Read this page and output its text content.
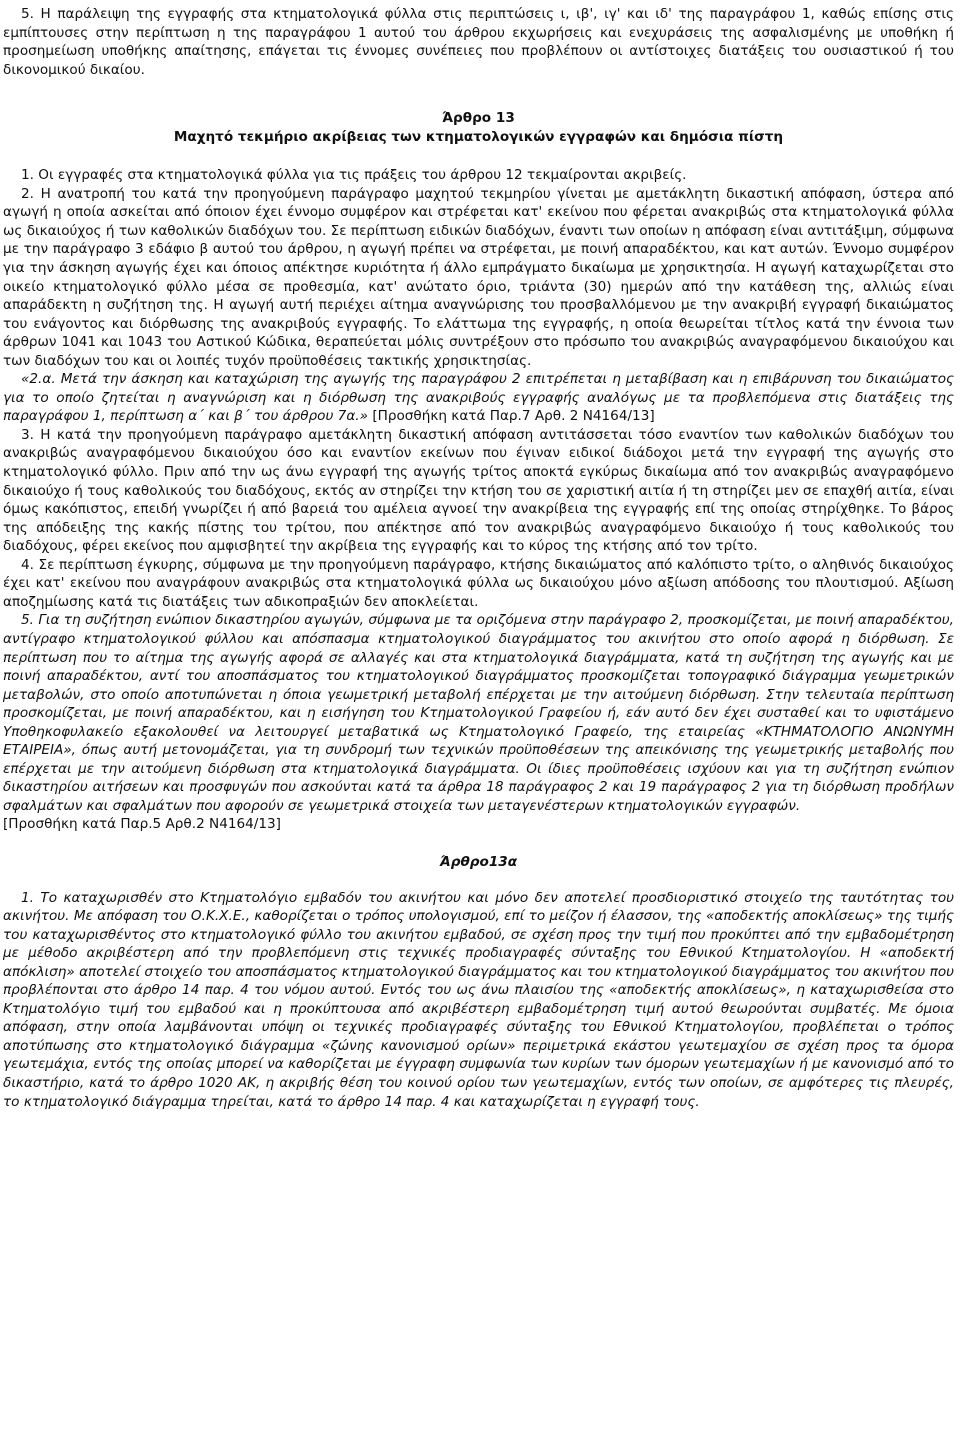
5. Η παράλειψη της εγγραφής στα κτηματολογικά φύλλα στις περιπτώσεις ι, ιβ', ιγ' και ιδ' της παραγράφου 1, καθώς επίσης στις εμπίπτουσες στην περίπτωση η της παραγράφου 1 αυτού του άρθρου εκχωρήσεις και ενεχυράσεις της ασφαλισμένης με υποθήκη ή προσημείωση υποθήκης απαίτησης, επάγεται τις έννομες συνέπειες που προβλέπουν οι αντίστοιχες διατάξεις του ουσιαστικού ή του δικονομικού δικαίου.

Άρθρο 13

Μαχητό τεκμήριο ακρίβειας των κτηματολογικών εγγραφών και δημόσια πίστη

1. Οι εγγραφές στα κτηματολογικά φύλλα για τις πράξεις του άρθρου 12 τεκμαίρονται ακριβείς.

2. Η ανατροπή του κατά την προηγούμενη παράγραφο μαχητού τεκμηρίου γίνεται με αμετάκλητη δικαστική απόφαση, ύστερα από αγωγή η οποία ασκείται από όποιον έχει έννομο συμφέρον και στρέφεται κατ' εκείνου που φέρεται ανακριβώς στα κτηματολογικά φύλλα ως δικαιούχος ή των καθολικών διαδόχων του. Σε περίπτωση ειδικών διαδόχων, έναντι των οποίων η απόφαση είναι αντιτάξιμη, σύμφωνα με την παράγραφο 3 εδάφιο β αυτού του άρθρου, η αγωγή πρέπει να στρέφεται, με ποινή απαραδέκτου, και κατ αυτών. Έννομο συμφέρον για την άσκηση αγωγής έχει και όποιος απέκτησε κυριότητα ή άλλο εμπράγματο δικαίωμα με χρησικτησία. Η αγωγή καταχωρίζεται στο οικείο κτηματολογικό φύλλο μέσα σε προθεσμία, κατ' ανώτατο όριο, τριάντα (30) ημερών από την κατάθεση της, αλλιώς είναι απαράδεκτη η συζήτηση της. Η αγωγή αυτή περιέχει αίτημα αναγνώρισης του προσβαλλόμενου με την ανακριβή εγγραφή δικαιώματος του ενάγοντος και διόρθωσης της ανακριβούς εγγραφής. Το ελάττωμα της εγγραφής, η οποία θεωρείται τίτλος κατά την έννοια των άρθρων 1041 και 1043 του Αστικού Κώδικα, θεραπεύεται μόλις συντρέξουν στο πρόσωπο του ανακριβώς αναγραφόμενου δικαιούχου και των διαδόχων του και οι λοιπές τυχόν προϋποθέσεις τακτικής χρησικτησίας.

«2.α. Μετά την άσκηση και καταχώριση της αγωγής της παραγράφου 2 επιτρέπεται η μεταβίβαση και η επιβάρυνση του δικαιώματος για το οποίο ζητείται η αναγνώριση και η διόρθωση της ανακριβούς εγγραφής αναλόγως με τα προβλεπόμενα στις διατάξεις της παραγράφου 1, περίπτωση α΄ και β΄ του άρθρου 7α.» [Προσθήκη κατά Παρ.7 Αρθ. 2 Ν4164/13]

3. Η κατά την προηγούμενη παράγραφο αμετάκλητη δικαστική απόφαση αντιτάσσεται τόσο εναντίον των καθολικών διαδόχων του ανακριβώς αναγραφόμενου δικαιούχου όσο και εναντίον εκείνων που έγιναν ειδικοί διάδοχοι μετά την εγγραφή της αγωγής στο κτηματολογικό φύλλο. Πριν από την ως άνω εγγραφή της αγωγής τρίτος αποκτά εγκύρως δικαίωμα από τον ανακριβώς αναγραφόμενο δικαιούχο ή τους καθολικούς του διαδόχους, εκτός αν στηρίζει την κτήση του σε χαριστική αιτία ή τη στηρίζει μεν σε επαχθή αιτία, είναι όμως κακόπιστος, επειδή γνωρίζει ή από βαρειά του αμέλεια αγνοεί την ανακρίβεια της εγγραφής επί της οποίας στηρίχθηκε. Το βάρος της απόδειξης της κακής πίστης του τρίτου, που απέκτησε από τον ανακριβώς αναγραφόμενο δικαιούχο ή τους καθολικούς του διαδόχους, φέρει εκείνος που αμφισβητεί την ακρίβεια της εγγραφής και το κύρος της κτήσης από τον τρίτο.

4. Σε περίπτωση έγκυρης, σύμφωνα με την προηγούμενη παράγραφο, κτήσης δικαιώματος από καλόπιστο τρίτο, ο αληθινός δικαιούχος έχει κατ' εκείνου που αναγράφουν ανακριβώς στα κτηματολογικά φύλλα ως δικαιούχου μόνο αξίωση απόδοσης του πλουτισμού. Αξίωση αποζημίωσης κατά τις διατάξεις των αδικοπραξιών δεν αποκλείεται.

5. Για τη συζήτηση ενώπιον δικαστηρίου αγωγών, σύμφωνα με τα οριζόμενα στην παράγραφο 2, προσκομίζεται, με ποινή απαραδέκτου, αντίγραφο κτηματολογικού φύλλου και απόσπασμα κτηματολογικού διαγράμματος του ακινήτου στο οποίο αφορά η διόρθωση. Σε περίπτωση που το αίτημα της αγωγής αφορά σε αλλαγές και στα κτηματολογικά διαγράμματα, κατά τη συζήτηση της αγωγής και με ποινή απαραδέκτου, αντί του αποσπάσματος του κτηματολογικού διαγράμματος προσκομίζεται τοπογραφικό διάγραμμα γεωμετρικών μεταβολών, στο οποίο αποτυπώνεται η όποια γεωμετρική μεταβολή επέρχεται με την αιτούμενη διόρθωση. Στην τελευταία περίπτωση προσκομίζεται, με ποινή απαραδέκτου, και η εισήγηση του Κτηματολογικού Γραφείου ή, εάν αυτό δεν έχει συσταθεί και το υφιστάμενο Υποθηκοφυλακείο εξακολουθεί να λειτουργεί μεταβατικά ως Κτηματολογικό Γραφείο, της εταιρείας «ΚΤΗΜΑΤΟΛΟΓΙΟ ΑΝΩΝΥΜΗ ΕΤΑΙΡΕΙΑ», όπως αυτή μετονομάζεται, για τη συνδρομή των τεχνικών προϋποθέσεων της απεικόνισης της γεωμετρικής μεταβολής που επέρχεται με την αιτούμενη διόρθωση στα κτηματολογικά διαγράμματα. Οι ίδιες προϋποθέσεις ισχύουν και για τη συζήτηση ενώπιον δικαστηρίου αιτήσεων και προσφυγών που ασκούνται κατά τα άρθρα 18 παράγραφος 2 και 19 παράγραφος 2 για τη διόρθωση προδήλων σφαλμάτων και σφαλμάτων που αφορούν σε γεωμετρικά στοιχεία των μεταγενέστερων κτηματολογικών εγγραφών.

[Προσθήκη κατά Παρ.5 Αρθ.2 Ν4164/13]

Άρθρο13α

1. Το καταχωρισθέν στο Κτηματολόγιο εμβαδόν του ακινήτου και μόνο δεν αποτελεί προσδιοριστικό στοιχείο της ταυτότητας του ακινήτου. Με απόφαση του Ο.Κ.Χ.Ε., καθορίζεται ο τρόπος υπολογισμού, επί το μείζον ή έλασσον, της «αποδεκτής αποκλίσεως» της τιμής του καταχωρισθέντος στο κτηματολογικό φύλλο του ακινήτου εμβαδού, σε σχέση προς την τιμή που προκύπτει από την εμβαδομέτρηση με μέθοδο ακριβέστερη από την προβλεπόμενη στις τεχνικές προδιαγραφές σύνταξης του Εθνικού Κτηματολογίου. Η «αποδεκτή απόκλιση» αποτελεί στοιχείο του αποσπάσματος κτηματολογικού διαγράμματος και του κτηματολογικού διαγράμματος του ακινήτου που προβλέπονται στο άρθρο 14 παρ. 4 του νόμου αυτού. Εντός του ως άνω πλαισίου της «αποδεκτής αποκλίσεως», η καταχωρισθείσα στο Κτηματολόγιο τιμή του εμβαδού και η προκύπτουσα από ακριβέστερη εμβαδομέτρηση τιμή αυτού θεωρούνται συμβατές. Με όμοια απόφαση, στην οποία λαμβάνονται υπόψη οι τεχνικές προδιαγραφές σύνταξης του Εθνικού Κτηματολογίου, προβλέπεται ο τρόπος αποτύπωσης στο κτηματολογικό διάγραμμα «ζώνης κανονισμού ορίων» περιμετρικά εκάστου γεωτεμαχίου σε σχέση προς τα όμορα γεωτεμάχια, εντός της οποίας μπορεί να καθορίζεται με έγγραφη συμφωνία των κυρίων των όμορων γεωτεμαχίων ή με κανονισμό από το δικαστήριο, κατά το άρθρο 1020 ΑΚ, η ακριβής θέση του κοινού ορίου των γεωτεμαχίων, εντός των οποίων, σε αμφότερες τις πλευρές, το κτηματολογικό διάγραμμα τηρείται, κατά το άρθρο 14 παρ. 4 και καταχωρίζεται η εγγραφή τους.
